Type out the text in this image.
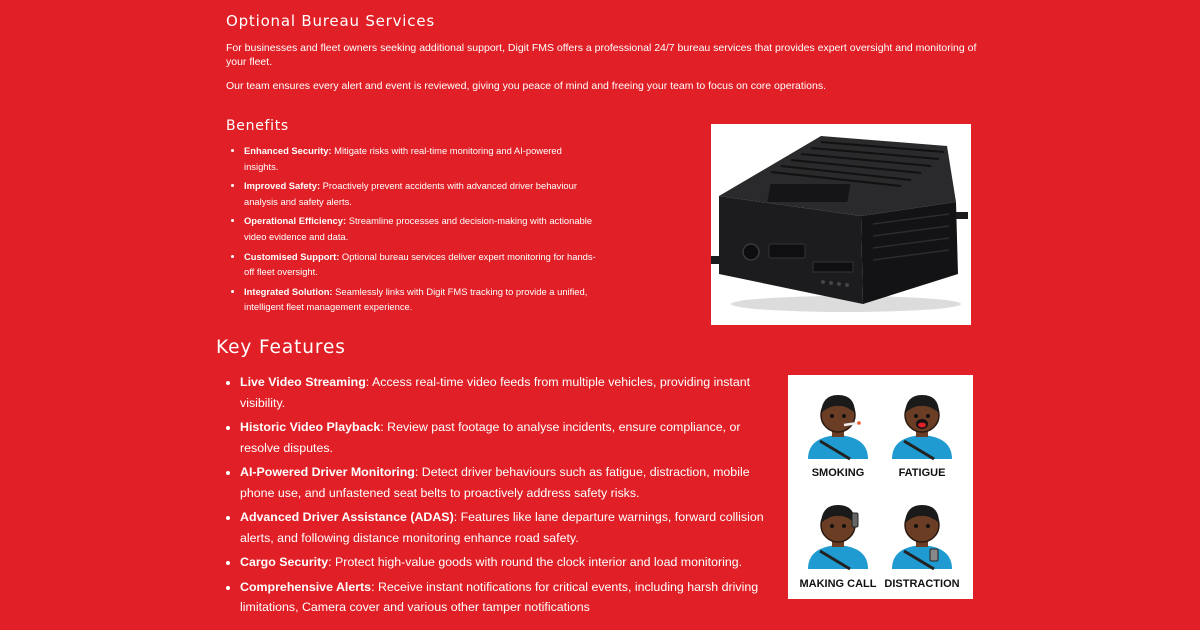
Optional Bureau Services

For businesses and fleet owners seeking additional support, Digit FMS offers a professional 24/7 bureau services that provides expert oversight and monitoring of your fleet.

Our team ensures every alert and event is reviewed, giving you peace of mind and freeing your team to focus on core operations.

Benefits
• Enhanced Security: Mitigate risks with real-time monitoring and AI-powered insights.
• Improved Safety: Proactively prevent accidents with advanced driver behaviour analysis and safety alerts.
• Operational Efficiency: Streamline processes and decision-making with actionable video evidence and data.
• Customised Support: Optional bureau services deliver expert monitoring for hands-off fleet oversight.
• Integrated Solution: Seamlessly links with Digit FMS tracking to provide a unified, intelligent fleet management experience.
Key Features
• Live Video Streaming: Access real-time video feeds from multiple vehicles, providing instant visibility.
• Historic Video Playback: Review past footage to analyse incidents, ensure compliance, or resolve disputes.
• AI-Powered Driver Monitoring: Detect driver behaviours such as fatigue, distraction, mobile phone use, and unfastened seat belts to proactively address safety risks.
• Advanced Driver Assistance (ADAS): Features like lane departure warnings, forward collision alerts, and following distance monitoring enhance road safety.
• Cargo Security: Protect high-value goods with round the clock interior and load monitoring.
• Comprehensive Alerts: Receive instant notifications for critical events, including harsh driving limitations, Camera cover and various other tamper notifications
SMOKING	FATIGUE
MAKING CALL DISTRACTION
